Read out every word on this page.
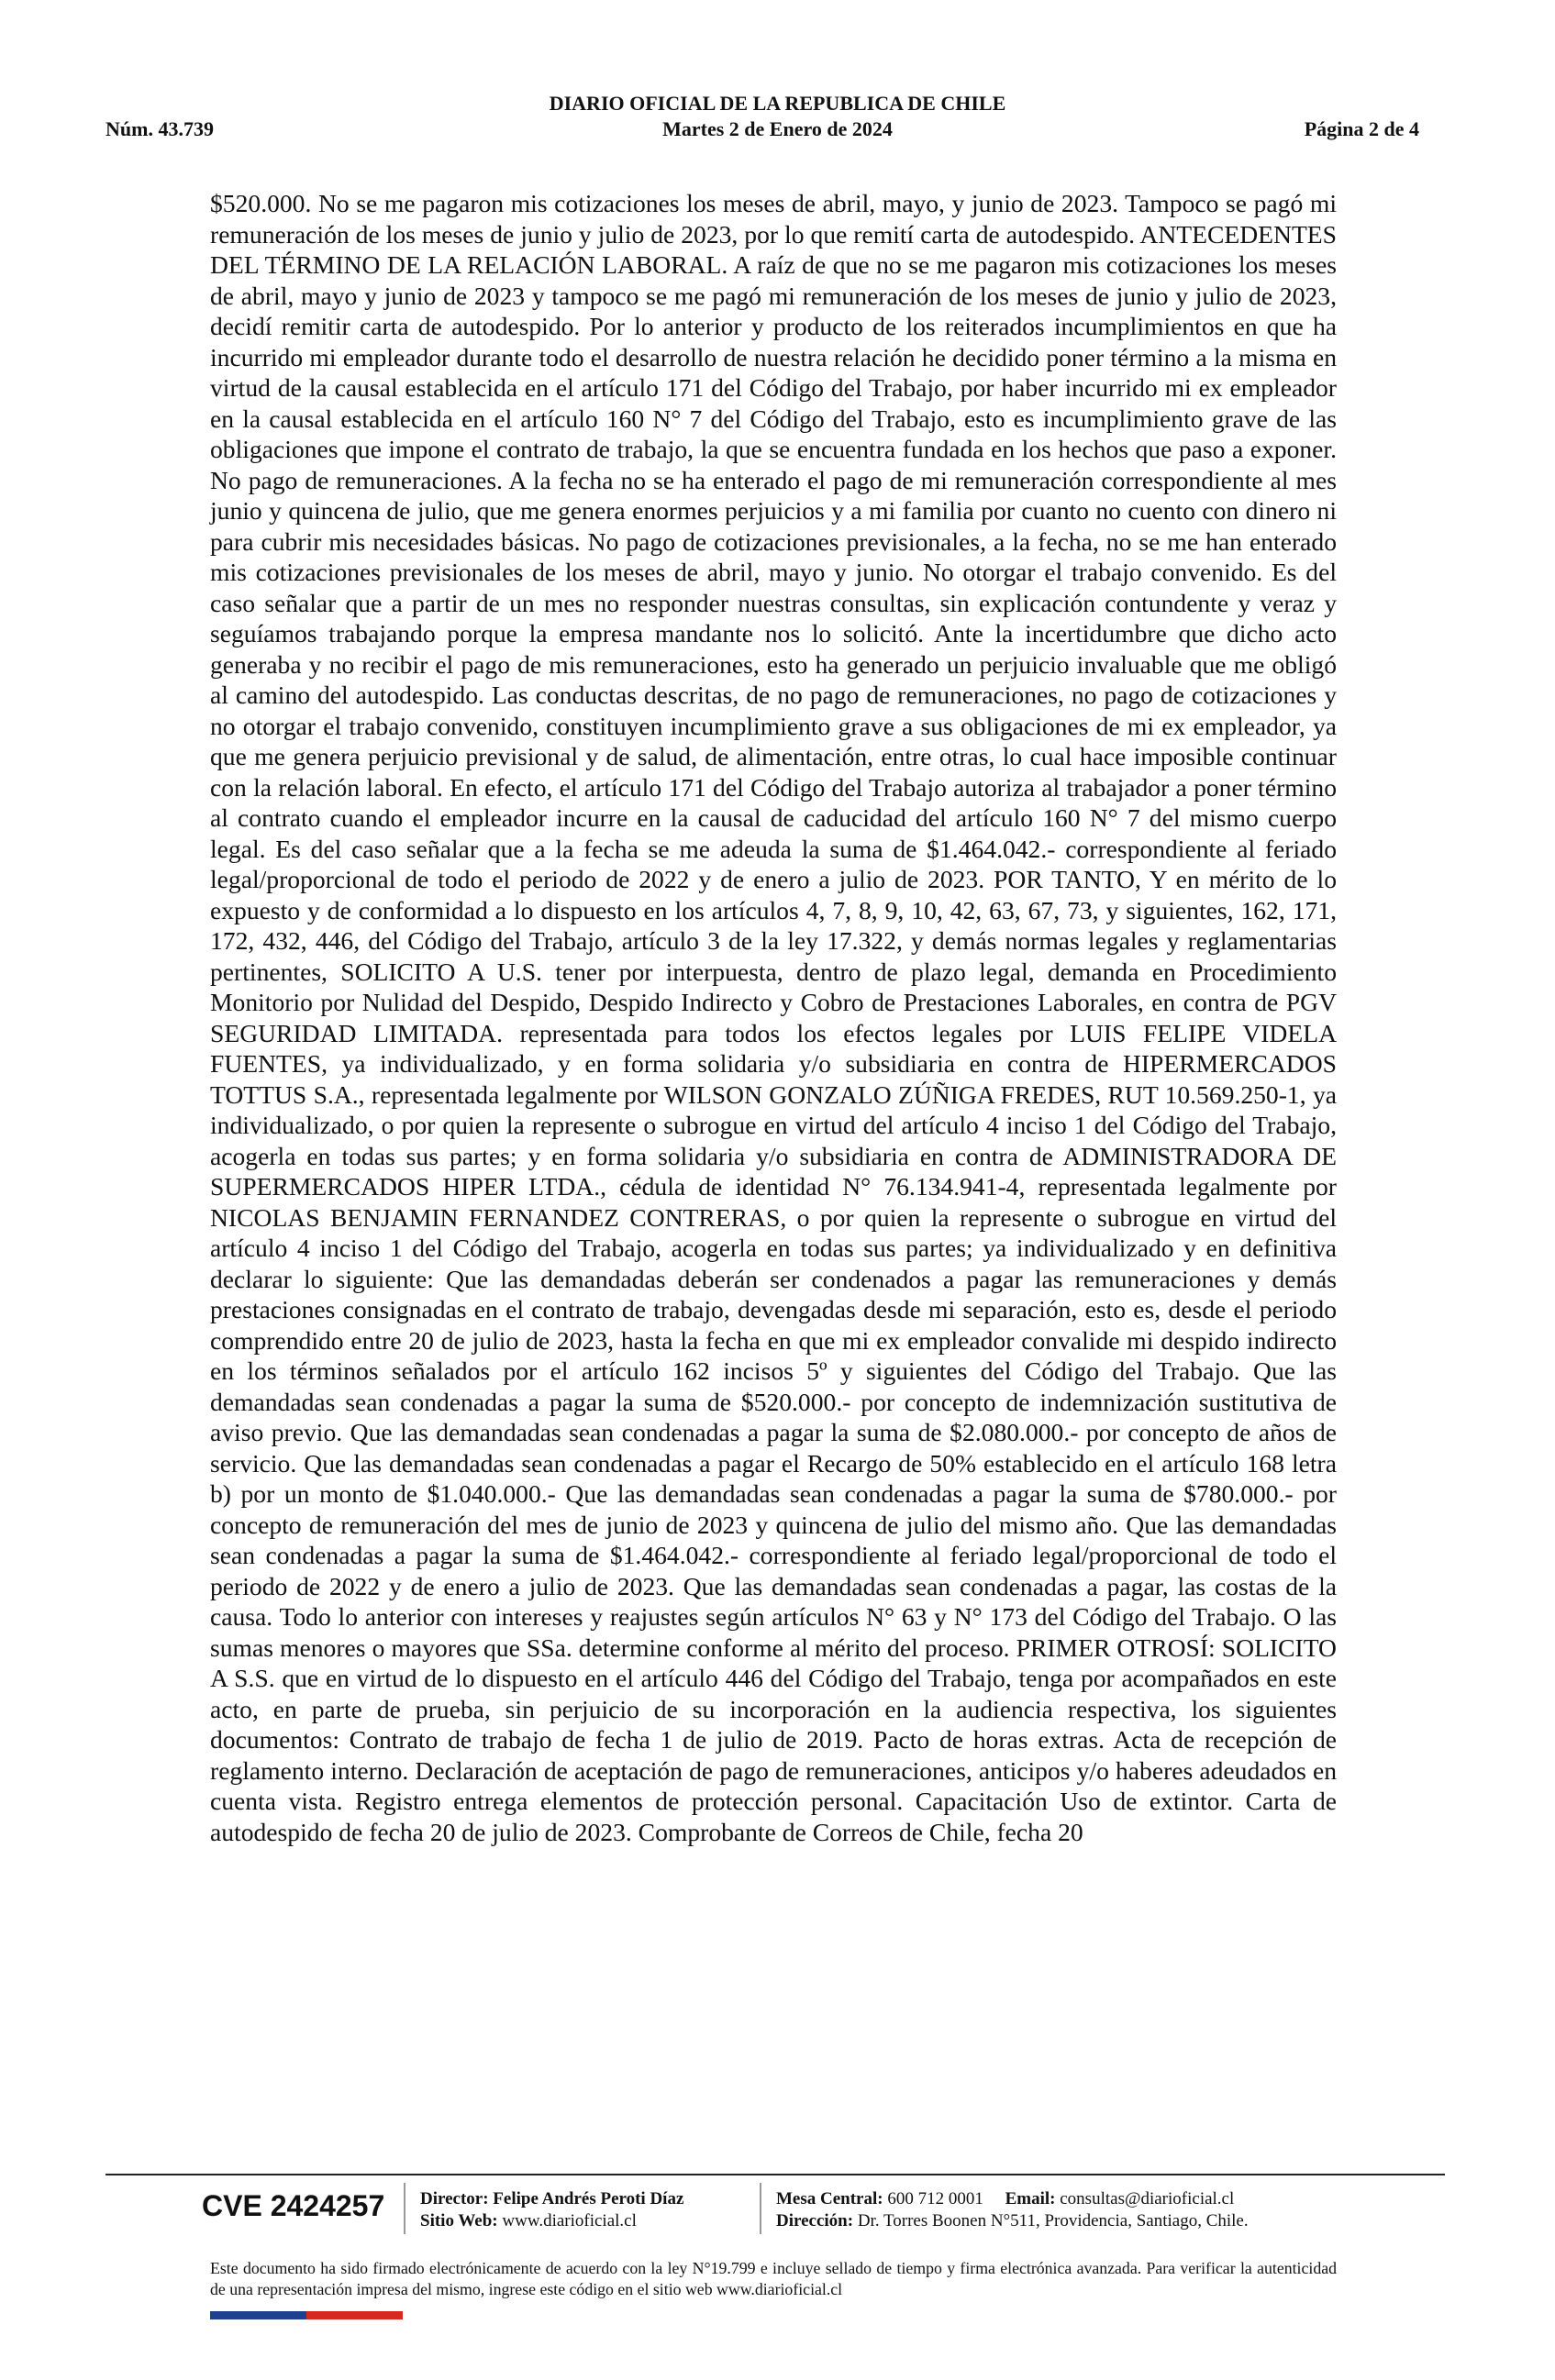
Núm. 43.739
DIARIO OFICIAL DE LA REPUBLICA DE CHILE
Martes 2 de Enero de 2024	Página 2 de 4

$520.000. No se me pagaron mis cotizaciones los meses de abril, mayo, y junio de 2023. Tampoco se pagó mi remuneración de los meses de junio y julio de 2023, por lo que remití carta de autodespido. ANTECEDENTES DEL TÉRMINO DE LA RELACIÓN LABORAL. A raíz de que no se me pagaron mis cotizaciones los meses de abril, mayo y junio de 2023 y tampoco se me pagó mi remuneración de los meses de junio y julio de 2023, decidí remitir carta de autodespido. Por lo anterior y producto de los reiterados incumplimientos en que ha incurrido mi empleador durante todo el desarrollo de nuestra relación he decidido poner término a la misma en virtud de la causal establecida en el artículo 171 del Código del Trabajo, por haber incurrido mi ex empleador en la causal establecida en el artículo 160 N° 7 del Código del Trabajo, esto es incumplimiento grave de las obligaciones que impone el contrato de trabajo, la que se encuentra fundada en los hechos que paso a exponer. No pago de remuneraciones. A la fecha no se ha enterado el pago de mi remuneración correspondiente al mes junio y quincena de julio, que me genera enormes perjuicios y a mi familia por cuanto no cuento con dinero ni para cubrir mis necesidades básicas. No pago de cotizaciones previsionales, a la fecha, no se me han enterado mis cotizaciones previsionales de los meses de abril, mayo y junio. No otorgar el trabajo convenido. Es del caso señalar que a partir de un mes no responder nuestras consultas, sin explicación contundente y veraz y seguíamos trabajando porque la empresa mandante nos lo solicitó. Ante la incertidumbre que dicho acto generaba y no recibir el pago de mis remuneraciones, esto ha generado un perjuicio invaluable que me obligó al camino del autodespido. Las conductas descritas, de no pago de remuneraciones, no pago de cotizaciones y no otorgar el trabajo convenido, constituyen incumplimiento grave a sus obligaciones de mi ex empleador, ya que me genera perjuicio previsional y de salud, de alimentación, entre otras, lo cual hace imposible continuar con la relación laboral. En efecto, el artículo 171 del Código del Trabajo autoriza al trabajador a poner término al contrato cuando el empleador incurre en la causal de caducidad del artículo 160 N° 7 del mismo cuerpo legal. Es del caso señalar que a la fecha se me adeuda la suma de $1.464.042.- correspondiente al feriado legal/proporcional de todo el periodo de 2022 y de enero a julio de 2023. POR TANTO, Y en mérito de lo expuesto y de conformidad a lo dispuesto en los artículos 4, 7, 8, 9, 10, 42, 63, 67, 73, y siguientes, 162, 171, 172, 432, 446, del Código del Trabajo, artículo 3 de la ley 17.322, y demás normas legales y reglamentarias pertinentes, SOLICITO A U.S. tener por interpuesta, dentro de plazo legal, demanda en Procedimiento Monitorio por Nulidad del Despido, Despido Indirecto y Cobro de Prestaciones Laborales, en contra de PGV SEGURIDAD LIMITADA. representada para todos los efectos legales por LUIS FELIPE VIDELA FUENTES, ya individualizado, y en forma solidaria y/o subsidiaria en contra de HIPERMERCADOS TOTTUS S.A., representada legalmente por WILSON GONZALO ZÚÑIGA FREDES, RUT 10.569.250-1, ya individualizado, o por quien la represente o subrogue en virtud del artículo 4 inciso 1 del Código del Trabajo, acogerla en todas sus partes; y en forma solidaria y/o subsidiaria en contra de ADMINISTRADORA DE SUPERMERCADOS HIPER LTDA., cédula de identidad N° 76.134.941-4, representada legalmente por NICOLAS BENJAMIN FERNANDEZ CONTRERAS, o por quien la represente o subrogue en virtud del artículo 4 inciso 1 del Código del Trabajo, acogerla en todas sus partes; ya individualizado y en definitiva declarar lo siguiente: Que las demandadas deberán ser condenados a pagar las remuneraciones y demás prestaciones consignadas en el contrato de trabajo, devengadas desde mi separación, esto es, desde el periodo comprendido entre 20 de julio de 2023, hasta la fecha en que mi ex empleador convalide mi despido indirecto en los términos señalados por el artículo 162 incisos 5º y siguientes del Código del Trabajo. Que las demandadas sean condenadas a pagar la suma de $520.000.- por concepto de indemnización sustitutiva de aviso previo. Que las demandadas sean condenadas a pagar la suma de $2.080.000.- por concepto de años de servicio. Que las demandadas sean condenadas a pagar el Recargo de 50% establecido en el artículo 168 letra b) por un monto de $1.040.000.- Que las demandadas sean condenadas a pagar la suma de $780.000.- por concepto de remuneración del mes de junio de 2023 y quincena de julio del mismo año. Que las demandadas sean condenadas a pagar la suma de $1.464.042.- correspondiente al feriado legal/proporcional de todo el periodo de 2022 y de enero a julio de 2023. Que las demandadas sean condenadas a pagar, las costas de la causa. Todo lo anterior con intereses y reajustes según artículos N° 63 y N° 173 del Código del Trabajo. O las sumas menores o mayores que SSa. determine conforme al mérito del proceso. PRIMER OTROSÍ: SOLICITO A S.S. que en virtud de lo dispuesto en el artículo 446 del Código del Trabajo, tenga por acompañados en este acto, en parte de prueba, sin perjuicio de su incorporación en la audiencia respectiva, los siguientes documentos: Contrato de trabajo de fecha 1 de julio de 2019. Pacto de horas extras. Acta de recepción de reglamento interno. Declaración de aceptación de pago de remuneraciones, anticipos y/o haberes adeudados en cuenta vista. Registro entrega elementos de protección personal. Capacitación Uso de extintor. Carta de autodespido de fecha 20 de julio de 2023. Comprobante de Correos de Chile, fecha 20

CVE 2424257 Director: Felipe Andrés Peroti Díaz
Sitio Web: www.diarioficial.cl
Mesa Central: 600 712 0001 Email: consultas@diarioficial.cl
Dirección: Dr. Torres Boonen N°511, Providencia, Santiago, Chile.
Este documento ha sido firmado electrónicamente de acuerdo con la ley N°19.799 e incluye sellado de tiempo y firma electrónica avanzada. Para verificar la autenticidad de una representación impresa del mismo, ingrese este código en el sitio web www.diarioficial.cl
